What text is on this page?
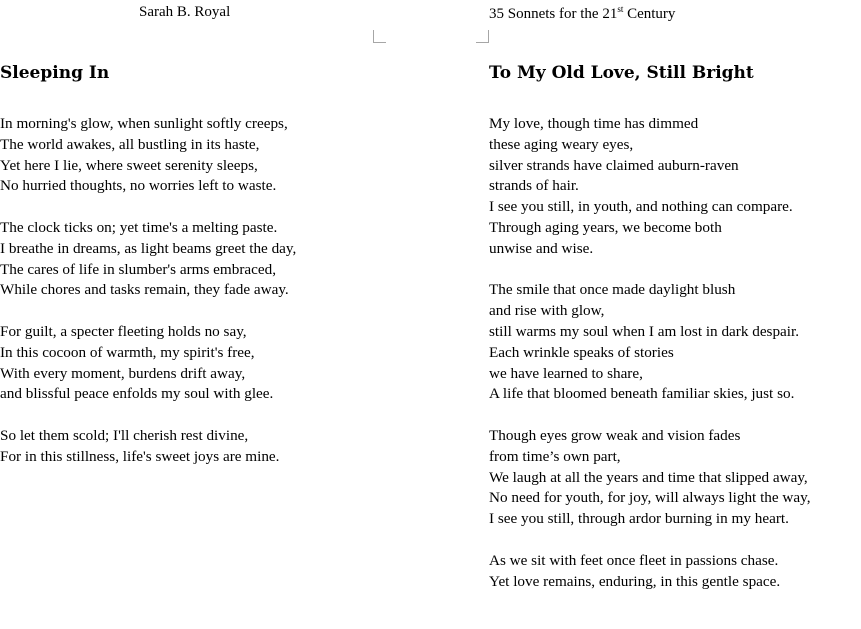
Sarah B. Royal
Sleeping In
In morning's glow, when sunlight softly creeps,
The world awakes, all bustling in its haste,
Yet here I lie, where sweet serenity sleeps,
No hurried thoughts, no worries left to waste.
The clock ticks on; yet time's a melting paste.
I breathe in dreams, as light beams greet the day,
The cares of life in slumber's arms embraced,
While chores and tasks remain, they fade away.
For guilt, a specter fleeting holds no say,
In this cocoon of warmth, my spirit's free,
With every moment, burdens drift away,
and blissful peace enfolds my soul with glee.
So let them scold; I'll cherish rest divine,
For in this stillness, life's sweet joys are mine.
35 Sonnets for the 21st Century
To My Old Love, Still Bright
My love, though time has dimmed
these aging weary eyes,
silver strands have claimed auburn-raven
strands of hair.
I see you still, in youth, and nothing can compare.
Through aging years, we become both
unwise and wise.
The smile that once made daylight blush
and rise with glow,
still warms my soul when I am lost in dark despair.
Each wrinkle speaks of stories
we have learned to share,
A life that bloomed beneath familiar skies, just so.
Though eyes grow weak and vision fades
from time’s own part,
We laugh at all the years and time that slipped away,
No need for youth, for joy, will always light the way,
I see you still, through ardor burning in my heart.
As we sit with feet once fleet in passions chase.
Yet love remains, enduring, in this gentle space.
